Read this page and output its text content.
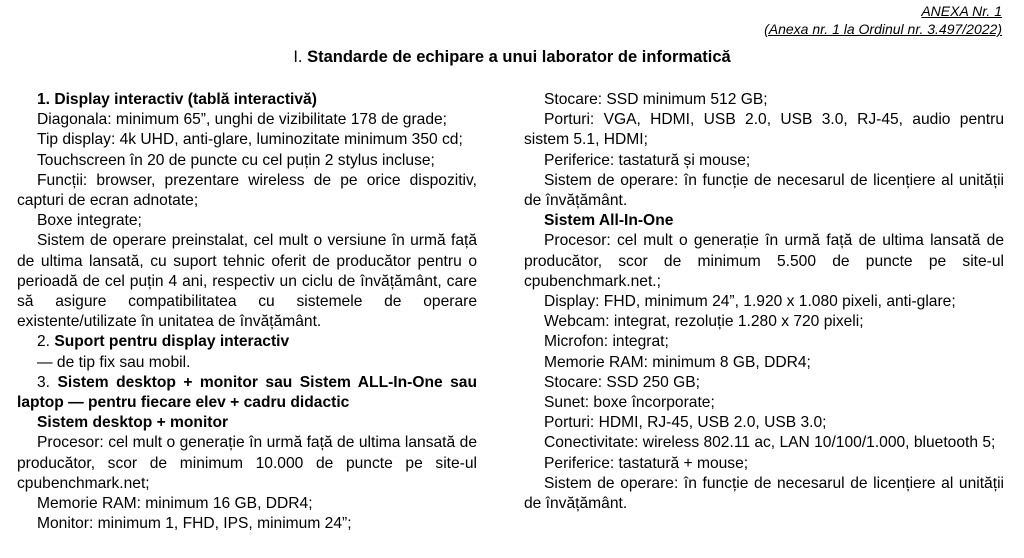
ANEXA Nr. 1
(Anexa nr. 1 la Ordinul nr. 3.497/2022)
I. Standarde de echipare a unui laborator de informatică
1. Display interactiv (tablă interactivă)
Diagonala: minimum 65”, unghi de vizibilitate 178 de grade;
Tip display: 4k UHD, anti-glare, luminozitate minimum 350 cd;
Touchscreen în 20 de puncte cu cel puțin 2 stylus incluse;
Funcții: browser, prezentare wireless de pe orice dispozitiv, capturi de ecran adnotate;
Boxe integrate;
Sistem de operare preinstalat, cel mult o versiune în urmă față de ultima lansată, cu suport tehnic oferit de producător pentru o perioadă de cel puțin 4 ani, respectiv un ciclu de învățământ, care să asigure compatibilitatea cu sistemele de operare existente/utilizate în unitatea de învățământ.
2. Suport pentru display interactiv
— de tip fix sau mobil.
3. Sistem desktop + monitor sau Sistem ALL-In-One sau laptop — pentru fiecare elev + cadru didactic
Sistem desktop + monitor
Procesor: cel mult o generație în urmă față de ultima lansată de producător, scor de minimum 10.000 de puncte pe site-ul cpubenchmark.net;
Memorie RAM: minimum 16 GB, DDR4;
Monitor: minimum 1, FHD, IPS, minimum 24”;
Stocare: SSD minimum 512 GB;
Porturi: VGA, HDMI, USB 2.0, USB 3.0, RJ-45, audio pentru sistem 5.1, HDMI;
Periferice: tastatură și mouse;
Sistem de operare: în funcție de necesarul de licențiere al unității de învățământ.
Sistem All-In-One
Procesor: cel mult o generație în urmă față de ultima lansată de producător, scor de minimum 5.500 de puncte pe site-ul cpubenchmark.net.;
Display: FHD, minimum 24”, 1.920 x 1.080 pixeli, anti-glare;
Webcam: integrat, rezoluție 1.280 x 720 pixeli;
Microfon: integrat;
Memorie RAM: minimum 8 GB, DDR4;
Stocare: SSD 250 GB;
Sunet: boxe încorporate;
Porturi: HDMI, RJ-45, USB 2.0, USB 3.0;
Conectivitate: wireless 802.11 ac, LAN 10/100/1.000, bluetooth 5;
Periferice: tastatură + mouse;
Sistem de operare: în funcție de necesarul de licențiere al unității de învățământ.
